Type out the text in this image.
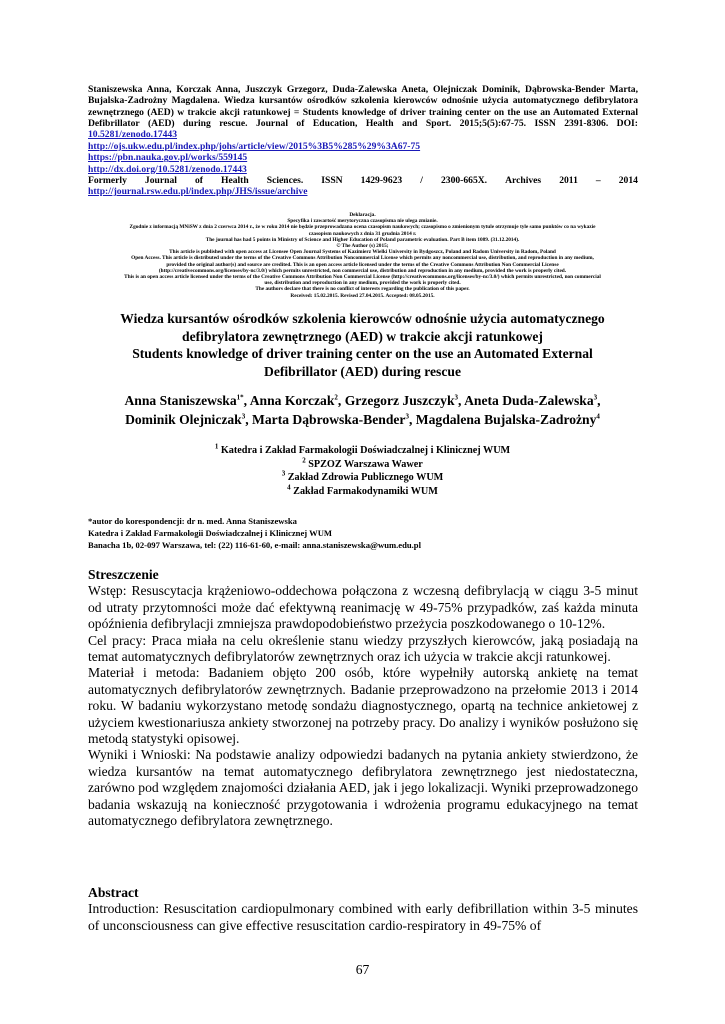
Staniszewska Anna, Korczak Anna, Juszczyk Grzegorz, Duda-Zalewska Aneta, Olejniczak Dominik, Dąbrowska-Bender Marta, Bujalska-Zadrożny Magdalena. Wiedza kursantów ośrodków szkolenia kierowców odnośnie użycia automatycznego defibrylatora zewnętrznego (AED) w trakcie akcji ratunkowej = Students knowledge of driver training center on the use an Automated External Defibrillator (AED) during rescue. Journal of Education, Health and Sport. 2015;5(5):67-75. ISSN 2391-8306. DOI: 10.5281/zenodo.17443
http://ojs.ukw.edu.pl/index.php/johs/article/view/2015%3B5%285%29%3A67-75
https://pbn.nauka.gov.pl/works/559145
http://dx.doi.org/10.5281/zenodo.17443
Formerly Journal of Health Sciences. ISSN 1429-9623 / 2300-665X. Archives 2011 – 2014
http://journal.rsw.edu.pl/index.php/JHS/issue/archive
Deklaracja.
Specyfika i zawartość merytoryczna czasopisma nie ulega zmianie.
Zgodnie z informacją MNiSW z dnia 2 czerwca 2014 r., że w roku 2014 nie będzie przeprowadzana ocena czasopism naukowych; czasopismo o zmienionym tytule otrzymuje tyle samo punktów co na wykazie
czasopism naukowych z dnia 31 grudnia 2014 r.
The journal has had 5 points in Ministry of Science and Higher Education of Poland parametric evaluation. Part B item 1089. (31.12.2014).
© The Author (s) 2015;
This article is published with open access at Licensee Open Journal Systems of Kazimierz Wielki University in Bydgoszcz, Poland and Radom University in Radom, Poland
Open Access. This article is distributed under the terms of the Creative Commons Attribution Noncommercial License which permits any noncommercial use, distribution, and reproduction in any medium,
provided the original author(s) and source are credited. This is an open access article licensed under the terms of the Creative Commons Attribution Non Commercial License
(http://creativecommons.org/licenses/by-nc/3.0/) which permits unrestricted, non commercial use, distribution and reproduction in any medium, provided the work is properly cited.
This is an open access article licensed under the terms of the Creative Commons Attribution Non Commercial License (http://creativecommons.org/licenses/by-nc/3.0/) which permits unrestricted, non commercial
use, distribution and reproduction in any medium, provided the work is properly cited.
The authors declare that there is no conflict of interests regarding the publication of this paper.
Received: 15.02.2015. Revised 27.04.2015. Accepted: 08.05.2015.
Wiedza kursantów ośrodków szkolenia kierowców odnośnie użycia automatycznego
defibrylatora zewnętrznego (AED) w trakcie akcji ratunkowej
Students knowledge of driver training center on the use an Automated External
Defibrillator (AED) during rescue
Anna Staniszewska$^{1*}$, Anna Korczak$^2$, Grzegorz Juszczyk$^3$, Aneta Duda-Zalewska$^3$,
Dominik Olejniczak$^3$, Marta Dąbrowska-Bender$^3$, Magdalena Bujalska-Zadrożny$^4$
$^1$ Katedra i Zakład Farmakologii Doświadczalnej i Klinicznej WUM
$^2$ SPZOZ Warszawa Wawer
$^3$ Zakład Zdrowia Publicznego WUM
$^4$ Zakład Farmakodynamiki WUM
*autor do korespondencji: dr n. med. Anna Staniszewska
Katedra i Zakład Farmakologii Doświadczalnej i Klinicznej WUM
Banacha 1b, 02-097 Warszawa, tel: (22) 116-61-60, e-mail: anna.staniszewska@wum.edu.pl
Streszczenie

Wstęp: Resuscytacja krążeniowo-oddechowa połączona z wczesną defibrylacją w ciągu 3-5 minut od utraty przytomności może dać efektywną reanimację w 49-75% przypadków, zaś każda minuta opóźnienia defibrylacji zmniejsza prawdopodobieństwo przeżycia poszkodowanego o 10-12%.

Cel pracy: Praca miała na celu określenie stanu wiedzy przyszłych kierowców, jaką posiadają na temat automatycznych defibrylatorów zewnętrznych oraz ich użycia w trakcie akcji ratunkowej.

Materiał i metoda: Badaniem objęto 200 osób, które wypełniły autorską ankietę na temat automatycznych defibrylatorów zewnętrznych. Badanie przeprowadzono na przełomie 2013 i 2014 roku. W badaniu wykorzystano metodę sondażu diagnostycznego, opartą na technice ankietowej z użyciem kwestionariusza ankiety stworzonej na potrzeby pracy. Do analizy i wyników posłużono się metodą statystyki opisowej.

Wyniki i Wnioski: Na podstawie analizy odpowiedzi badanych na pytania ankiety stwierdzono, że wiedza kursantów na temat automatycznego defibrylatora zewnętrznego jest niedostateczna, zarówno pod względem znajomości działania AED, jak i jego lokalizacji. Wyniki przeprowadzonego badania wskazują na konieczność przygotowania i wdrożenia programu edukacyjnego na temat automatycznego defibrylatora zewnętrznego.

Abstract

Introduction: Resuscitation cardiopulmonary combined with early defibrillation within 3-5 minutes of unconsciousness can give effective resuscitation cardio-respiratory in 49-75% of

67
